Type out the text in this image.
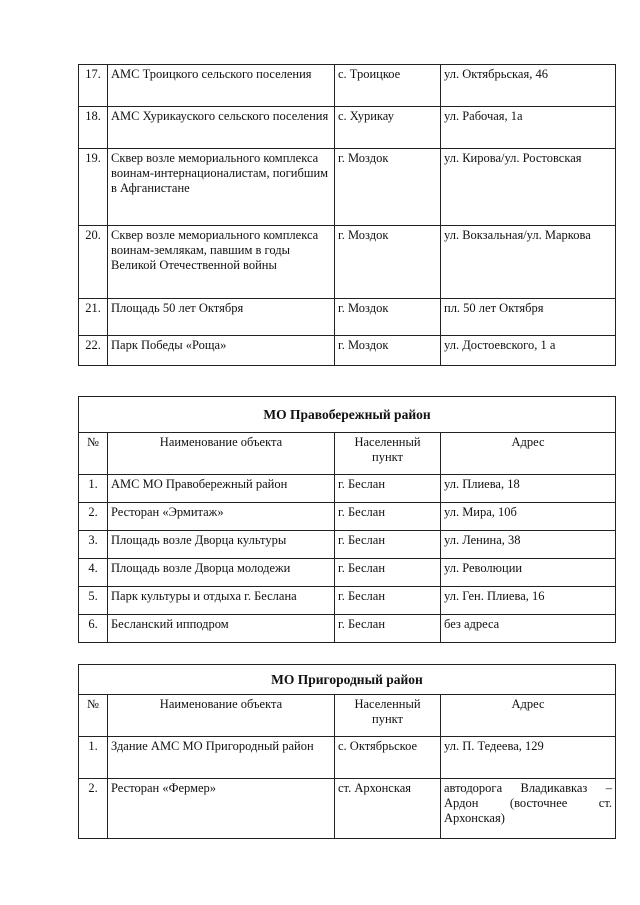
17.	АМС Троицкого сельского поселения	с. Троицкое	ул. Октябрьская, 46
18.	АМС Хурикауского сельского поселения	с. Хурикау	ул. Рабочая, 1а
19.	Сквер возле мемориального комплекса воинам-интернационалистам, погибшим в Афганистане	г. Моздок	ул. Кирова/ул. Ростовская
20.	Сквер возле мемориального комплекса воинам-землякам, павшим в годы Великой Отечественной войны	г. Моздок	ул. Вокзальная/ул. Маркова
21.	Площадь 50 лет Октября	г. Моздок	пл. 50 лет Октября
22.	Парк Победы «Роща»	г. Моздок	ул. Достоевского, 1 а
МО Правобережный район			
№	Наименование объекта	Населенный пункт	Адрес
1.	АМС МО Правобережный район	г. Беслан	ул. Плиева, 18
2.	Ресторан «Эрмитаж»	г. Беслан	ул. Мира, 10б
3.	Площадь возле Дворца культуры	г. Беслан	ул. Ленина, 38
4.	Площадь возле Дворца молодежи	г. Беслан	ул. Революции
5.	Парк культуры и отдыха г. Беслана	г. Беслан	ул. Ген. Плиева, 16
6.	Бесланский ипподром	г. Беслан	без адреса
МО Пригородный район			
№	Наименование объекта	Населенный пункт	Адрес
1.	Здание АМС МО Пригородный район	с. Октябрьское	ул. П. Тедеева, 129
2.	Ресторан «Фермер»	ст. Архонская	автодорога Владикавказ – Ардон (восточнее ст. Архонская)
